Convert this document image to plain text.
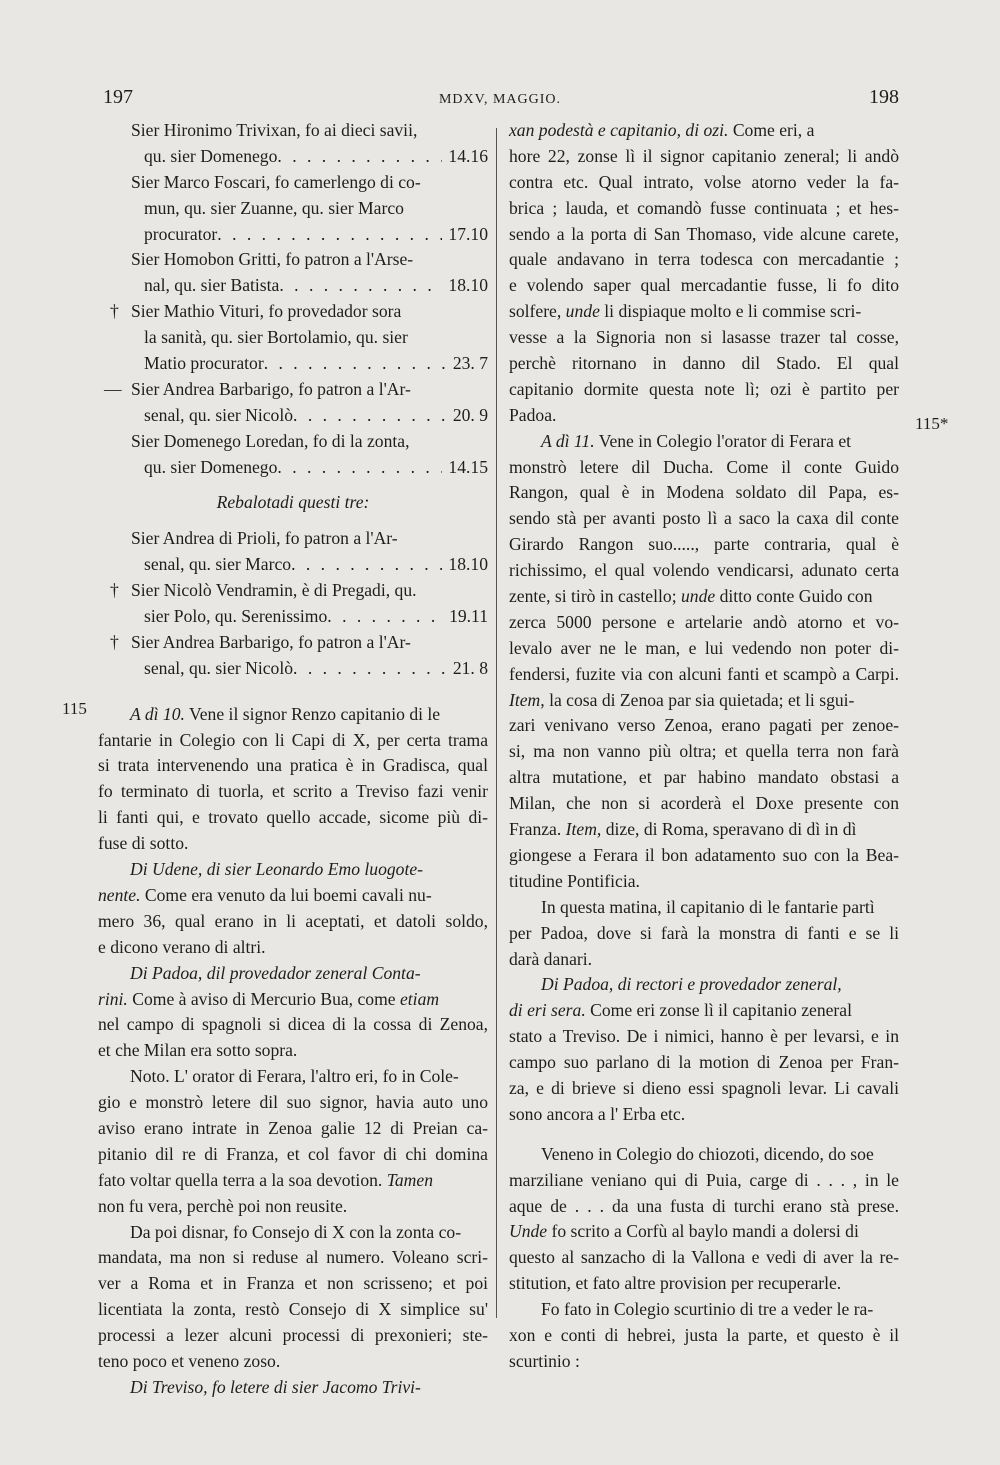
197	MDXV, MAGGIO.	198
115
115*
Sier Hironimo Trivixan, fo ai dieci savii,
qu. sier Domenego . . .	14.16
Sier Marco Foscari, fo camerlengo di co-
mun, qu. sier Zuanne, qu. sier Marco
procurator . . .	17.10
Sier Homobon Gritti, fo patron a l'Arse-
nal, qu. sier Batista . . .	18.10
† Sier Mathio Vituri, fo provedador sora
la sanità, qu. sier Bortolamio, qu. sier
Matio procurator . . .	23. 7
— Sier Andrea Barbarigo, fo patron a l'Ar-
senal, qu. sier Nicolò . . .	20. 9
Sier Domenego Loredan, fo di la zonta,
qu. sier Domenego . . .	14.15
Rebalotadi questi tre:
Sier Andrea di Prioli, fo patron a l'Ar-
senal, qu. sier Marco . . .	18.10
† Sier Nicolò Vendramin, è di Pregadi, qu.
sier Polo, qu. Serenissimo . . .	19.11
† Sier Andrea Barbarigo, fo patron a l'Ar-
senal, qu. sier Nicolò . . .	21. 8
A dì 10. Vene il signor Renzo capitanio di le
fantarie in Colegio con li Capi di X, per certa trama
si trata intervenendo una pratica è in Gradisca, qual
fo terminato di tuorla, et scrito a Treviso fazi venir
li fanti qui, e trovato quello accade, sicome più di-
fuse di sotto.
Di Udene, di sier Leonardo Emo luogote-
nente. Come era venuto da lui boemi cavali nu-
mero 36, qual erano in li aceptati, et datoli soldo,
e dicono verano di altri.
Di Padoa, dil provedador zeneral Conta-
rini. Come à aviso di Mercurio Bua, come etiam
nel campo di spagnoli si dicea di la cossa di Zenoa,
et che Milan era sotto sopra.
Noto. L' orator di Ferara, l'altro eri, fo in Cole-
gio e monstrò letere dil suo signor, havia auto uno
aviso erano intrate in Zenoa galie 12 di Preian ca-
pitanio dil re di Franza, et col favor di chi domina
fato voltar quella terra a la soa devotion. Tamen
non fu vera, perchè poi non reusite.
Da poi disnar, fo Consejo di X con la zonta co-
mandata, ma non si reduse al numero. Voleano scri-
ver a Roma et in Franza et non scrisseno; et poi
licentiata la zonta, restò Consejo di X simplice su'
processi a lezer alcuni processi di prexonieri; ste-
teno poco et veneno zoso.
Di Treviso, fo letere di sier Jacomo Trivi-
xan podestà e capitanio, di ozi. Come eri, a
hore 22, zonse lì il signor capitanio zeneral; li andò
contra etc. Qual intrato, volse atorno veder la fa-
brica ; lauda, et comandò fusse continuata ; et hes-
sendo a la porta di San Thomaso, vide alcune carete,
quale andavano in terra todesca con mercadantie ;
e volendo saper qual mercadantie fusse, li fo dito
solfere, unde li dispiaque molto e li commise scri-
vesse a la Signoria non si lasasse trazer tal cosse,
perchè ritornano in danno dil Stado. El qual
capitanio dormite questa note lì; ozi è partito per
Padoa.
A dì 11. Vene in Colegio l'orator di Ferara et
monstrò letere dil Ducha. Come il conte Guido
Rangon, qual è in Modena soldato dil Papa, es-
sendo stà per avanti posto lì a saco la caxa dil conte
Girardo Rangon suo....., parte contraria, qual è
richissimo, el qual volendo vendicarsi, adunato certa
zente, si tirò in castello; unde ditto conte Guido con
zerca 5000 persone e artelarie andò atorno et vo-
levalo aver ne le man, e lui vedendo non poter di-
fendersi, fuzite via con alcuni fanti et scampò a Carpi.
Item, la cosa di Zenoa par sia quietada; et li sgui-
zari venivano verso Zenoa, erano pagati per zenoe-
si, ma non vanno più oltra; et quella terra non farà
altra mutatione, et par habino mandato obstasi a
Milan, che non si acorderà el Doxe presente con
Franza. Item, dize, di Roma, speravano di dì in dì
giongese a Ferara il bon adatamento suo con la Bea-
titudine Pontificia.
In questa matina, il capitanio di le fantarie partì
per Padoa, dove si farà la monstra di fanti e se li
darà danari.
Di Padoa, di rectori e provedador zeneral,
di eri sera. Come eri zonse lì il capitanio zeneral
stato a Treviso. De i nimici, hanno è per levarsi, e in
campo suo parlano di la motion di Zenoa per Fran-
za, e di brieve si dieno essi spagnoli levar. Li cavali
sono ancora a l' Erba etc.
Veneno in Colegio do chiozoti, dicendo, do soe
marziliane veniano qui di Puia, carge di . . . , in le
aque de . . . da una fusta di turchi erano stà prese.
Unde fo scrito a Corfù al baylo mandi a dolersi di
questo al sanzacho di la Vallona e vedi di aver la re-
stitution, et fato altre provision per recuperarle.
Fo fato in Colegio scurtinio di tre a veder le ra-
xon e conti di hebrei, justa la parte, et questo è il
scurtinio :
